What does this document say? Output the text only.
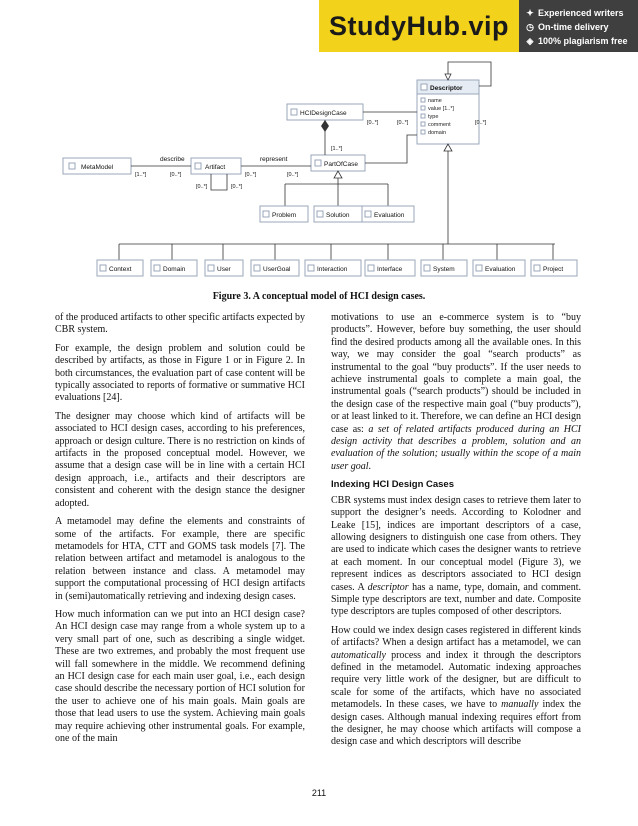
StudyHub.vip ✦ Experienced writers
◷ On-time delivery
◈ 100% plagiarism free
Descriptor
name
value [1..*]
type
comment
domain
HCIDesignCase
[0..*]	[0..*]
PartOfCase
[1..*]
[0..*]
MetaModel	Artifact
describe
[1..*]	[0..*]
represent
[0..*]	[0..*]
[0..*]	[0..*]
Problem	Solution	Evaluation
Context	Domain	User	UserGoal	Interaction	Interface	System	Evaluation	Project
Figure 3. A conceptual model of HCI design cases.

of the produced artifacts to other specific artifacts expected by CBR system.

For example, the design problem and solution could be described by artifacts, as those in Figure 1 or in Figure 2. In both circumstances, the evaluation part of case content will be typically associated to reports of formative or summative HCI evaluations [24].

The designer may choose which kind of artifacts will be associated to HCI design cases, according to his preferences, approach or design culture. There is no restriction on kinds of artifacts in the proposed conceptual model. However, we assume that a design case will be in line with a certain HCI design approach, i.e., artifacts and their descriptors are consistent and coherent with the design stance the designer adopted.

A metamodel may define the elements and constraints of some of the artifacts. For example, there are specific metamodels for HTA, CTT and GOMS task models [7]. The relation between artifact and metamodel is analogous to the relation between instance and class. A metamodel may support the computational processing of HCI design artifacts in (semi)automatically retrieving and indexing design cases.

How much information can we put into an HCI design case? An HCI design case may range from a whole system up to a very small part of one, such as describing a single widget. These are two extremes, and probably the most frequent use will fall somewhere in the middle. We recommend defining an HCI design case for each main user goal, i.e., each design case should describe the necessary portion of HCI solution for the user to achieve one of his main goals. Main goals are those that lead users to use the system. Achieving main goals may require achieving other instrumental goals. For example, one of the main

motivations to use an e-commerce system is to “buy products”. However, before buy something, the user should find the desired products among all the available ones. In this way, we may consider the goal “search products” as instrumental to the goal “buy products”. If the user needs to achieve instrumental goals to complete a main goal, the instrumental goals (“search products”) should be included in the design case of the respective main goal (“buy products”), or at least linked to it. Therefore, we can define an HCI design case as: a set of related artifacts produced during an HCI design activity that describes a problem, solution and an evaluation of the solution; usually within the scope of a main user goal.

Indexing HCI Design Cases

CBR systems must index design cases to retrieve them later to support the designer’s needs. According to Kolodner and Leake [15], indices are important descriptors of a case, allowing designers to distinguish one case from others. They are used to indicate which cases the designer wants to retrieve at each moment. In our conceptual model (Figure 3), we represent indices as descriptors associated to HCI design cases. A descriptor has a name, type, domain, and comment. Simple type descriptors are text, number and date. Composite type descriptors are tuples composed of other descriptors.

How could we index design cases registered in different kinds of artifacts? When a design artifact has a metamodel, we can automatically process and index it through the descriptors defined in the metamodel. Automatic indexing approaches require very little work of the designer, but are difficult to scale for some of the artifacts, which have no associated metamodels. In these cases, we have to manually index the design cases. Although manual indexing requires effort from the designer, he may choose which artifacts will compose a design case and which descriptors will describe

211
